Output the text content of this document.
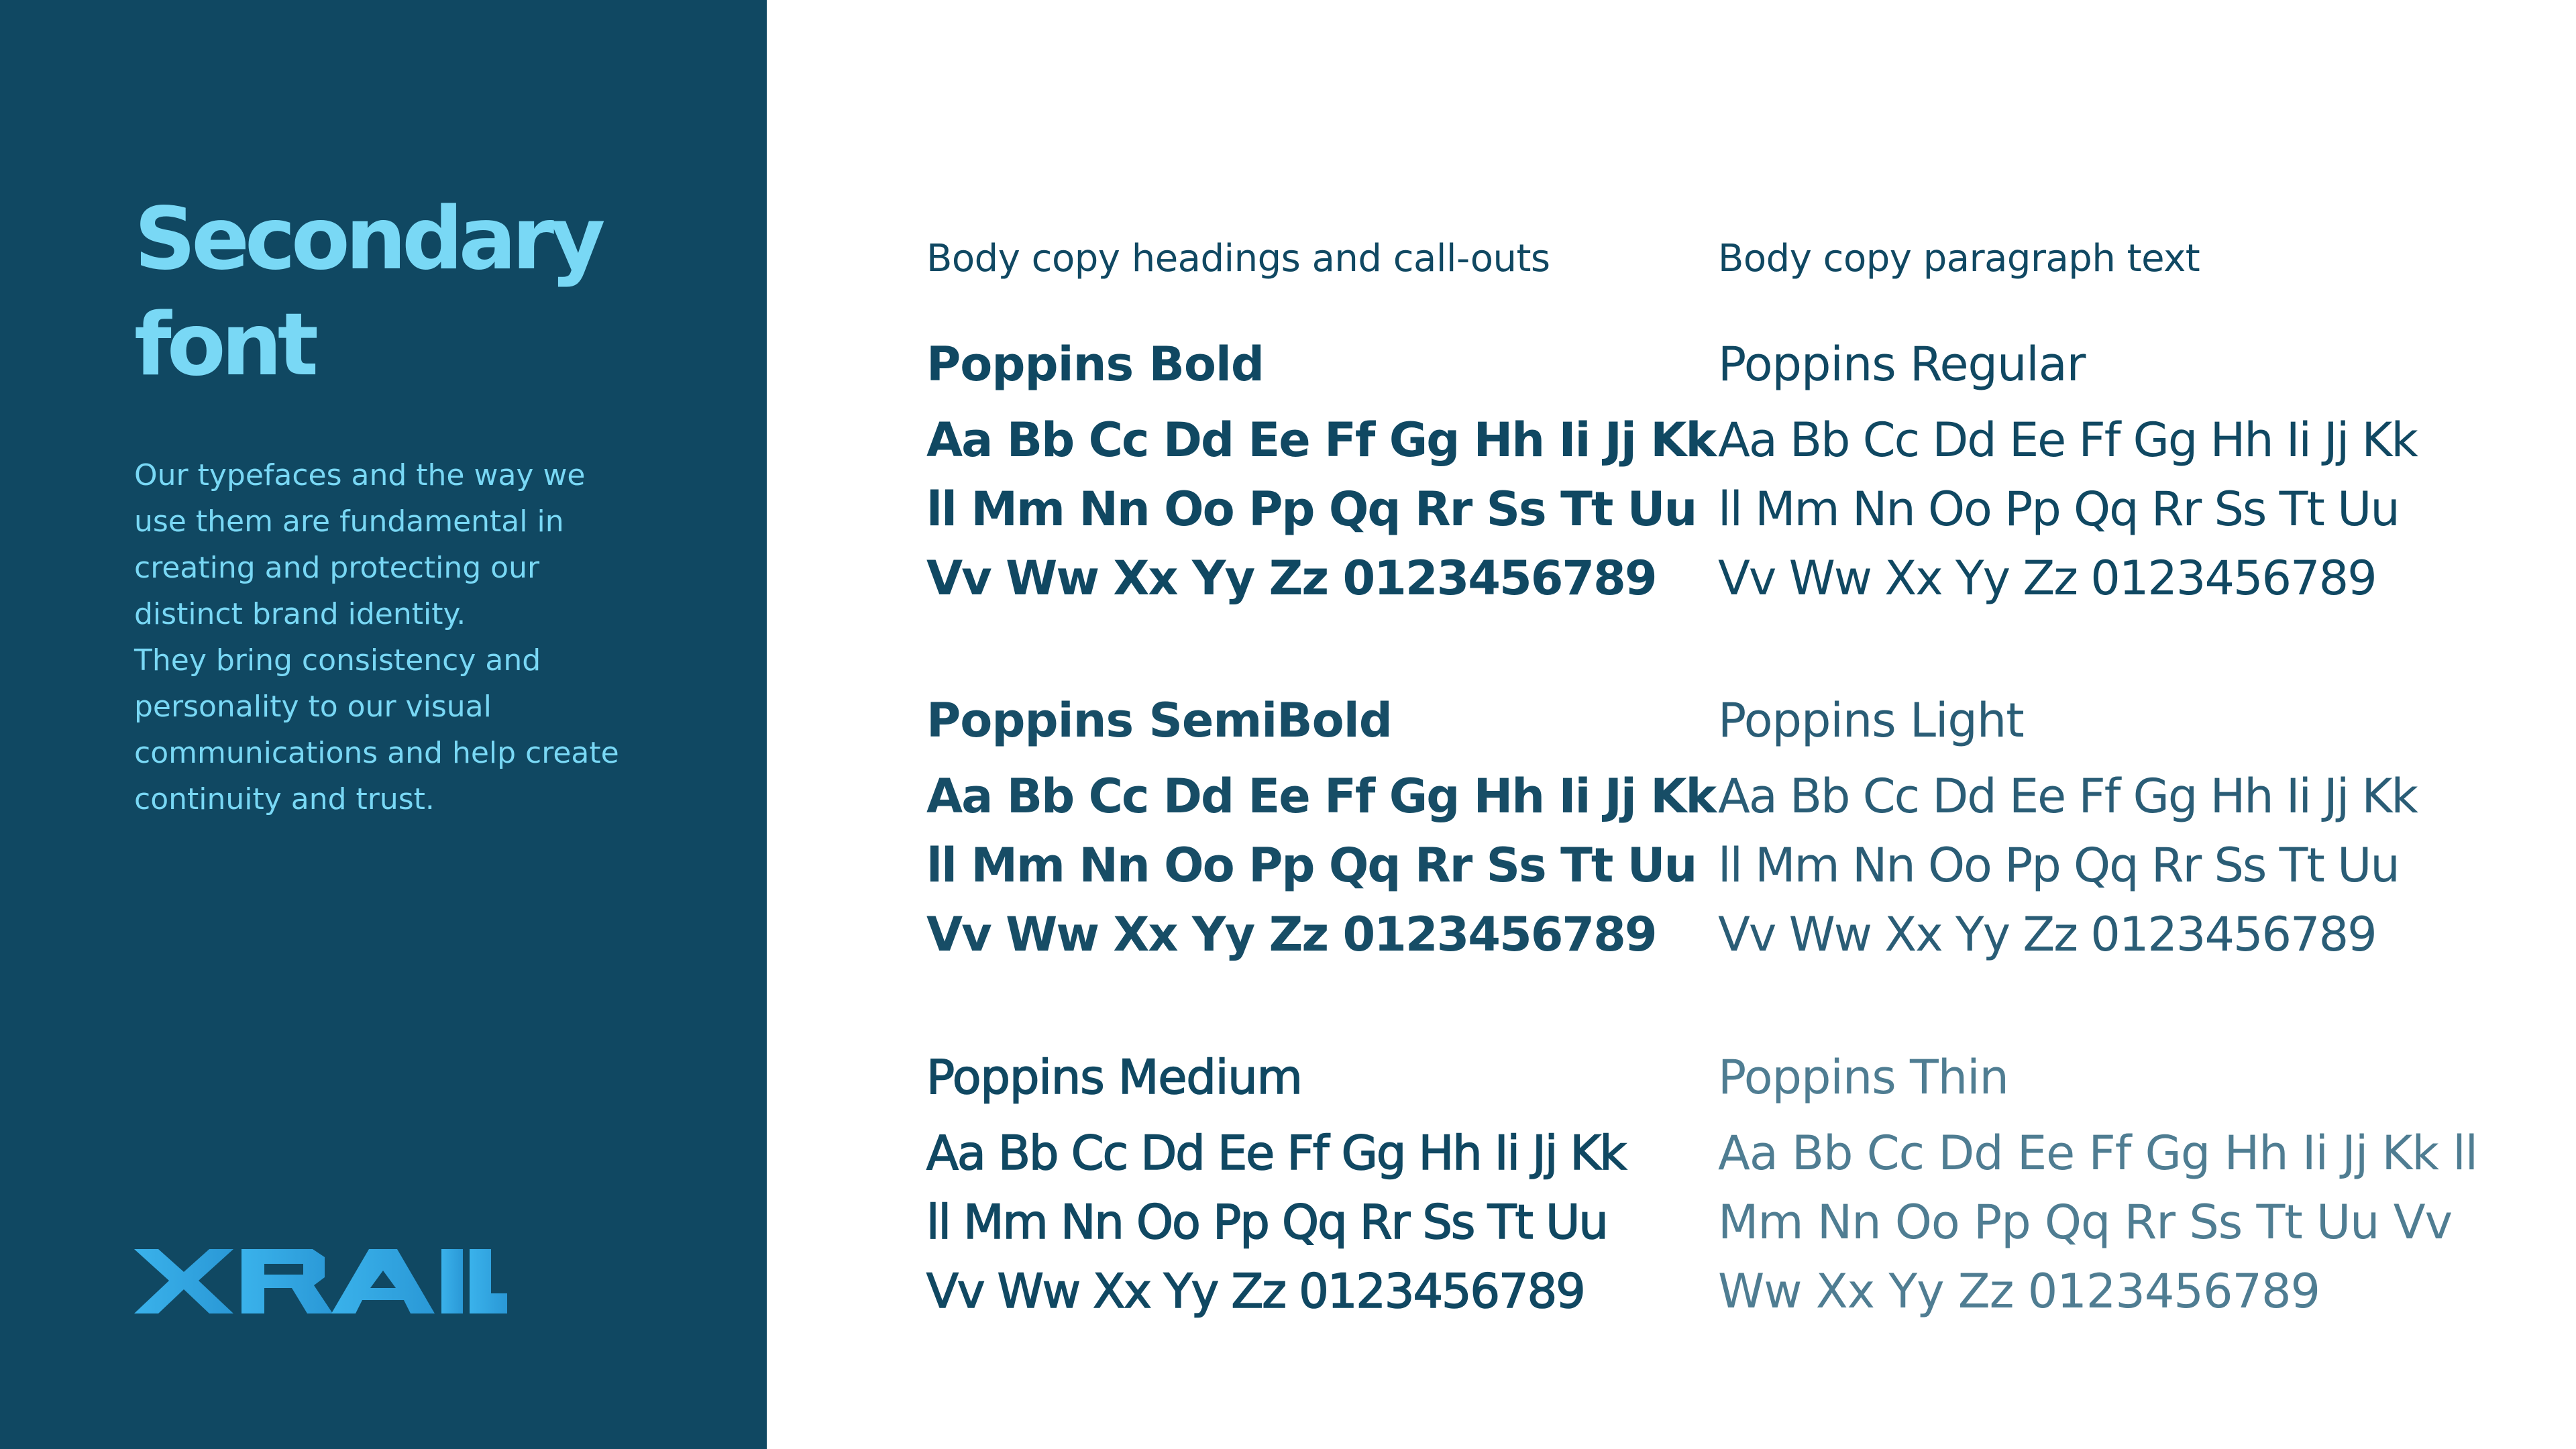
Secondary
font
Our typefaces and the way we
use them are fundamental in
creating and protecting our
distinct brand identity.
They bring consistency and
personality to our visual
communications and help create
continuity and trust.
Body copy headings and call-outs	Body copy paragraph text
Poppins Bold
Aa Bb Cc Dd Ee Ff Gg Hh Ii Jj Kk
ll Mm Nn Oo Pp Qq Rr Ss Tt Uu
Vv Ww Xx Yy Zz 0123456789
Poppins SemiBold
Aa Bb Cc Dd Ee Ff Gg Hh Ii Jj Kk
ll Mm Nn Oo Pp Qq Rr Ss Tt Uu
Vv Ww Xx Yy Zz 0123456789
Poppins Medium
Aa Bb Cc Dd Ee Ff Gg Hh Ii Jj Kk
ll Mm Nn Oo Pp Qq Rr Ss Tt Uu
Vv Ww Xx Yy Zz 0123456789
Poppins Regular
Aa Bb Cc Dd Ee Ff Gg Hh Ii Jj Kk
ll Mm Nn Oo Pp Qq Rr Ss Tt Uu
Vv Ww Xx Yy Zz 0123456789
Poppins Light
Aa Bb Cc Dd Ee Ff Gg Hh Ii Jj Kk
ll Mm Nn Oo Pp Qq Rr Ss Tt Uu
Vv Ww Xx Yy Zz 0123456789
Poppins Thin
Aa Bb Cc Dd Ee Ff Gg Hh Ii Jj Kk ll
Mm Nn Oo Pp Qq Rr Ss Tt Uu Vv
Ww Xx Yy Zz 0123456789
